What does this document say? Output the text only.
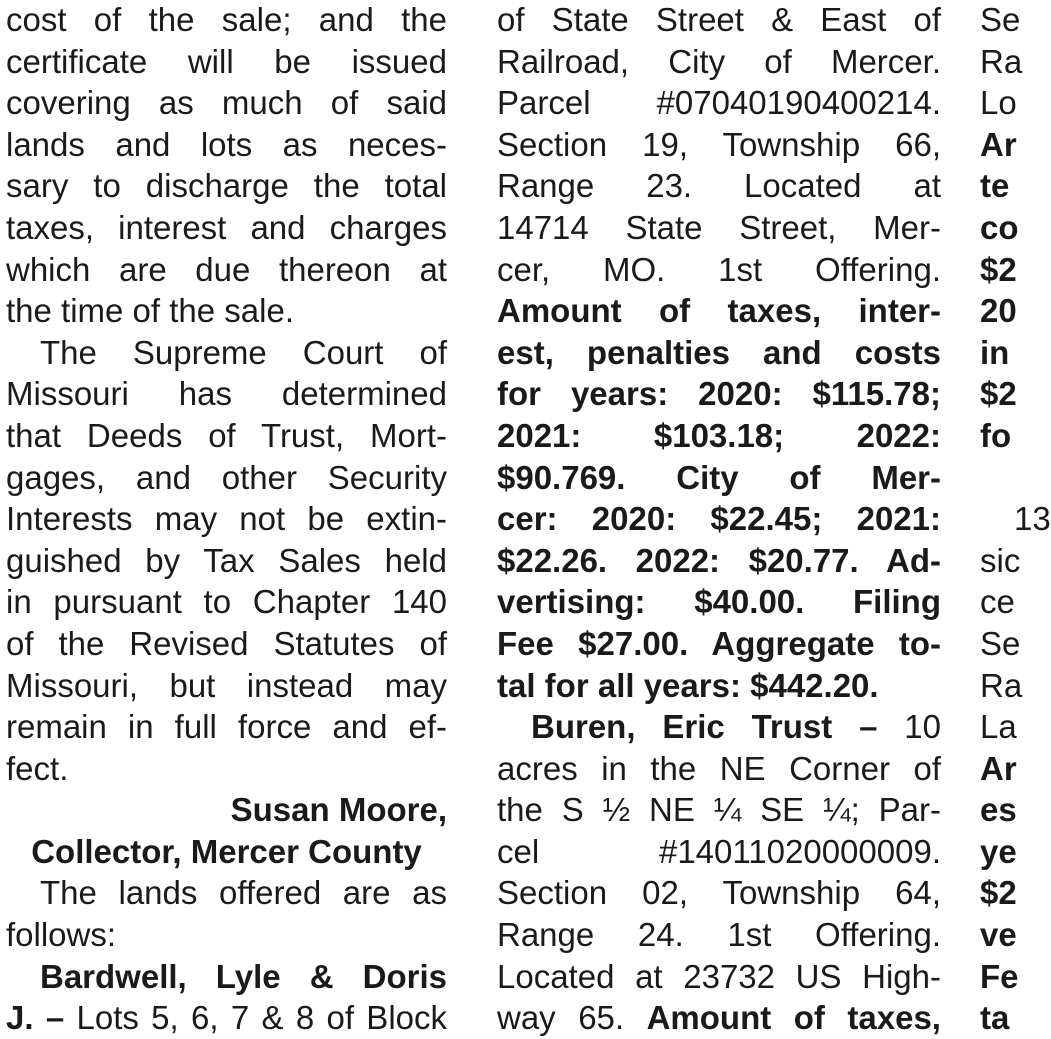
cost of the sale; and the
certificate will be issued
covering as much of said
lands and lots as neces-
sary to discharge the total
taxes, interest and charges
which are due thereon at
the time of the sale.
The Supreme Court of
Missouri has determined
that Deeds of Trust, Mort-
gages, and other Security
Interests may not be extin-
guished by Tax Sales held
in pursuant to Chapter 140
of the Revised Statutes of
Missouri, but instead may
remain in full force and ef-
fect.
Susan Moore,
Collector, Mercer County
The lands offered are as
follows:
Bardwell, Lyle & Doris
J. – Lots 5, 6, 7 & 8 of Block
of State Street & East of
Railroad, City of Mercer.
Parcel #07040190400214.
Section 19, Township 66,
Range 23. Located at
14714 State Street, Mer-
cer, MO. 1st Offering.
Amount of taxes, inter-
est, penalties and costs
for years: 2020: $115.78;
2021: $103.18; 2022:
$90.769. City of Mer-
cer: 2020: $22.45; 2021:
$22.26. 2022: $20.77. Ad-
vertising: $40.00. Filing
Fee $27.00. Aggregate to-
tal for all years: $442.20.
Buren, Eric Trust – 10
acres in the NE Corner of
the S ½ NE ¼ SE ¼; Par-
cel #14011020000009.
Section 02, Township 64,
Range 24. 1st Offering.
Located at 23732 US High-
way 65. Amount of taxes,
Se
Ra
Lo
Ar
te
co
$2
20
in
$2
fo
13
sic
ce
Se
Ra
La
Ar
es
ye
$2
ve
Fe
ta
